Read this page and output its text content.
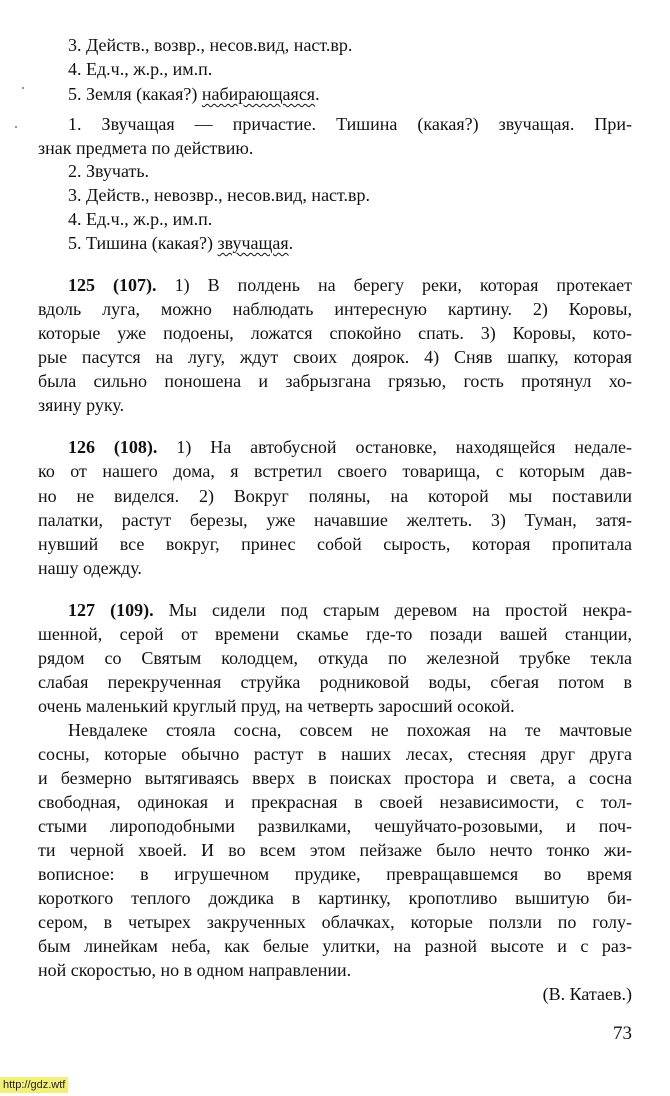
3. Действ., возвр., несов.вид, наст.вр.
4. Ед.ч., ж.р., им.п.
5. Земля (какая?) набирающаяся.
1. Звучащая — причастие. Тишина (какая?) звучащая. При-
знак предмета по действию.
2. Звучать.
3. Действ., невозвр., несов.вид, наст.вр.
4. Ед.ч., ж.р., им.п.
5. Тишина (какая?) звучащая.
125 (107). 1) В полдень на берегу реки, которая протекает
вдоль луга, можно наблюдать интересную картину. 2) Коровы,
которые уже подоены, ложатся спокойно спать. 3) Коровы, кото-
рые пасутся на лугу, ждут своих доярок. 4) Сняв шапку, которая
была сильно поношена и забрызгана грязью, гость протянул хо-
зяину руку.
126 (108). 1) На автобусной остановке, находящейся недале-
ко от нашего дома, я встретил своего товарища, с которым дав-
но не виделся. 2) Вокруг поляны, на которой мы поставили
палатки, растут березы, уже начавшие желтеть. 3) Туман, затя-
нувший все вокруг, принес собой сырость, которая пропитала
нашу одежду.
127 (109). Мы сидели под старым деревом на простой некра-
шенной, серой от времени скамье где-то позади вашей станции,
рядом со Святым колодцем, откуда по железной трубке текла
слабая перекрученная струйка родниковой воды, сбегая потом в
очень маленький круглый пруд, на четверть заросший осокой.
Невдалеке стояла сосна, совсем не похожая на те мачтовые
сосны, которые обычно растут в наших лесах, стесняя друг друга
и безмерно вытягиваясь вверх в поисках простора и света, а сосна
свободная, одинокая и прекрасная в своей независимости, с тол-
стыми лироподобными развилками, чешуйчато-розовыми, и поч-
ти черной хвоей. И во всем этом пейзаже было нечто тонко жи-
вописное: в игрушечном прудике, превращавшемся во время
короткого теплого дождика в картинку, кропотливо вышитую би-
сером, в четырех закрученных облачках, которые ползли по голу-
бым линейкам неба, как белые улитки, на разной высоте и с раз-
ной скоростью, но в одном направлении.
(В. Катаев.)
73
http://gdz.wtf
